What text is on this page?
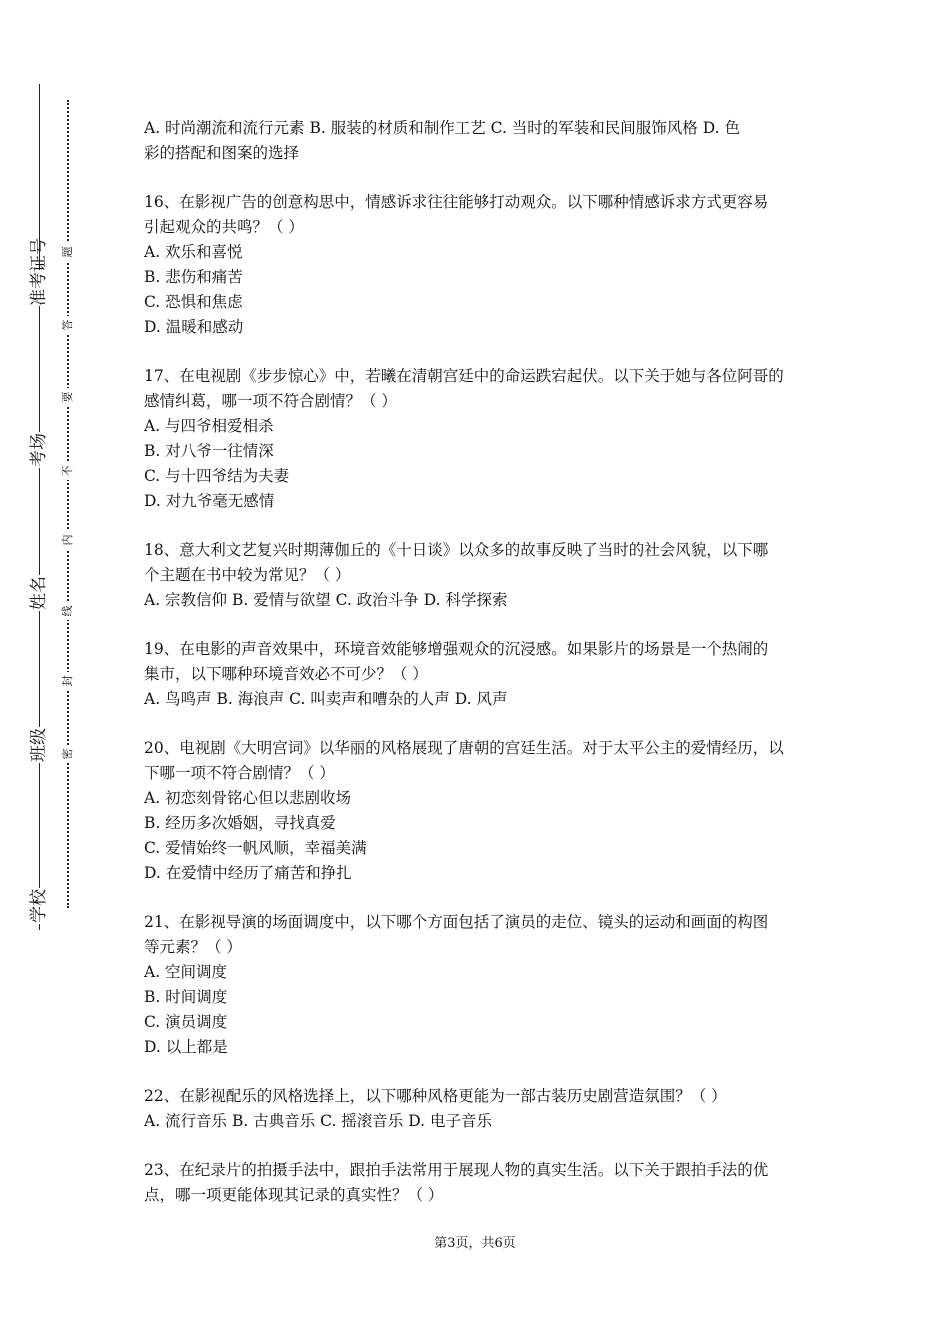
准考证号
考场
姓名
班级
学校
题
答
要
不
内
线
封
密
A. 时尚潮流和流行元素 B. 服装的材质和制作工艺 C. 当时的军装和民间服饰风格 D. 色
彩的搭配和图案的选择
16、在影视广告的创意构思中，情感诉求往往能够打动观众。以下哪种情感诉求方式更容易
引起观众的共鸣？（ ）
A. 欢乐和喜悦
B. 悲伤和痛苦
C. 恐惧和焦虑
D. 温暖和感动
17、在电视剧《步步惊心》中，若曦在清朝宫廷中的命运跌宕起伏。以下关于她与各位阿哥的
感情纠葛，哪一项不符合剧情？（ ）
A. 与四爷相爱相杀
B. 对八爷一往情深
C. 与十四爷结为夫妻
D. 对九爷毫无感情
18、意大利文艺复兴时期薄伽丘的《十日谈》以众多的故事反映了当时的社会风貌，以下哪
个主题在书中较为常见？（ ）
A. 宗教信仰 B. 爱情与欲望 C. 政治斗争 D. 科学探索
19、在电影的声音效果中，环境音效能够增强观众的沉浸感。如果影片的场景是一个热闹的
集市，以下哪种环境音效必不可少？（ ）
A. 鸟鸣声 B. 海浪声 C. 叫卖声和嘈杂的人声 D. 风声
20、电视剧《大明宫词》以华丽的风格展现了唐朝的宫廷生活。对于太平公主的爱情经历，以
下哪一项不符合剧情？（ ）
A. 初恋刻骨铭心但以悲剧收场
B. 经历多次婚姻，寻找真爱
C. 爱情始终一帆风顺，幸福美满
D. 在爱情中经历了痛苦和挣扎
21、在影视导演的场面调度中，以下哪个方面包括了演员的走位、镜头的运动和画面的构图
等元素？（ ）
A. 空间调度
B. 时间调度
C. 演员调度
D. 以上都是
22、在影视配乐的风格选择上，以下哪种风格更能为一部古装历史剧营造氛围？（ ）
A. 流行音乐 B. 古典音乐 C. 摇滚音乐 D. 电子音乐
23、在纪录片的拍摄手法中，跟拍手法常用于展现人物的真实生活。以下关于跟拍手法的优
点，哪一项更能体现其记录的真实性？（ ）
第3页，共6页
